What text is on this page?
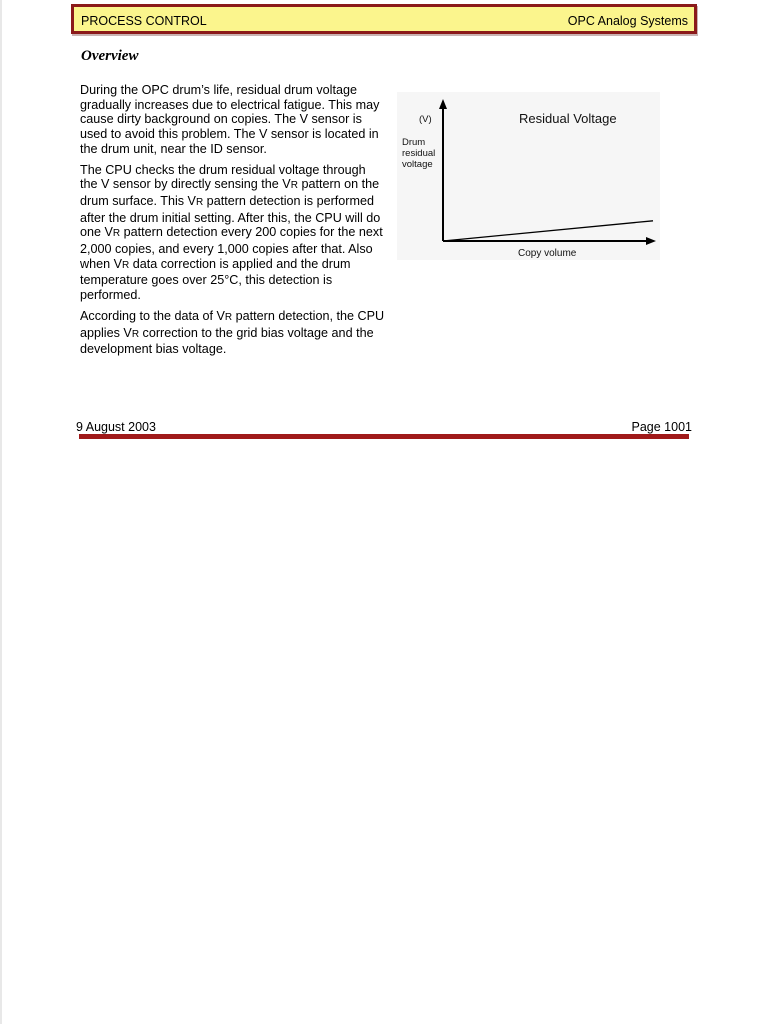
PROCESS CONTROL	OPC Analog Systems
Overview

During the OPC drum’s life, residual drum voltage gradually increases due to electrical fatigue. This may cause dirty background on copies. The V sensor is used to avoid this problem. The V sensor is located in the drum unit, near the ID sensor.

The CPU checks the drum residual voltage through the V sensor by directly sensing the VR pattern on the drum surface. This VR pattern detection is performed after the drum initial setting. After this, the CPU will do one VR pattern detection every 200 copies for the next 2,000 copies, and every 1,000 copies after that. Also when VR data correction is applied and the drum temperature goes over 25°C, this detection is performed.

According to the data of VR pattern detection, the CPU applies VR correction to the grid bias voltage and the development bias voltage.

Residual Voltage
(V)
Drum
residual
voltage
Copy volume
9 August 2003	Page 1001
